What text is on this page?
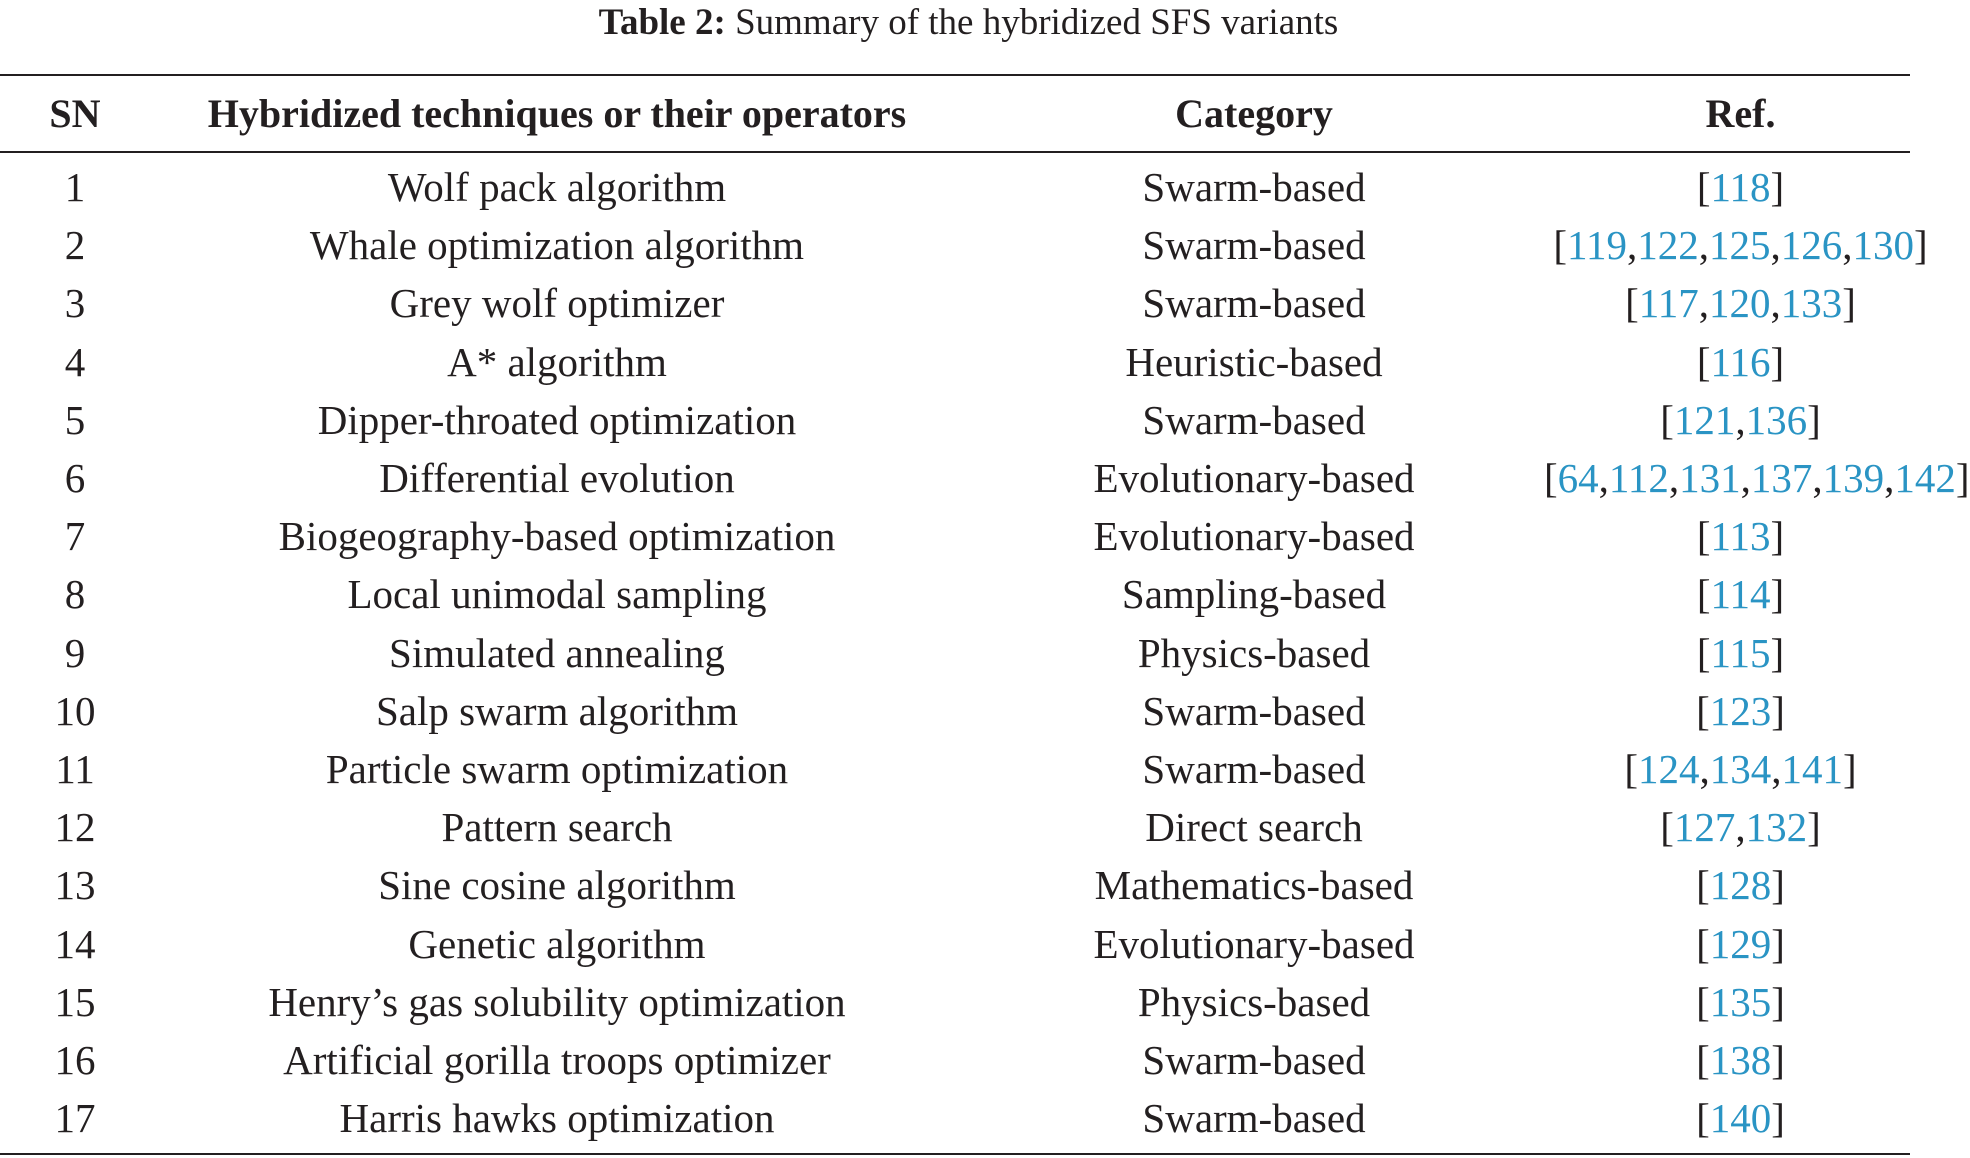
Table 2: Summary of the hybridized SFS variants
SN	Hybridized techniques or their operators	Category	Ref.
1	Wolf pack algorithm	Swarm-based	[118]
2	Whale optimization algorithm	Swarm-based	[119,122,125,126,130]
3	Grey wolf optimizer	Swarm-based	[117,120,133]
4	A* algorithm	Heuristic-based	[116]
5	Dipper-throated optimization	Swarm-based	[121,136]
6	Differential evolution	Evolutionary-based	[64,112,131,137,139,142]
7	Biogeography-based optimization	Evolutionary-based	[113]
8	Local unimodal sampling	Sampling-based	[114]
9	Simulated annealing	Physics-based	[115]
10	Salp swarm algorithm	Swarm-based	[123]
11	Particle swarm optimization	Swarm-based	[124,134,141]
12	Pattern search	Direct search	[127,132]
13	Sine cosine algorithm	Mathematics-based	[128]
14	Genetic algorithm	Evolutionary-based	[129]
15	Henry’s gas solubility optimization	Physics-based	[135]
16	Artificial gorilla troops optimizer	Swarm-based	[138]
17	Harris hawks optimization	Swarm-based	[140]
